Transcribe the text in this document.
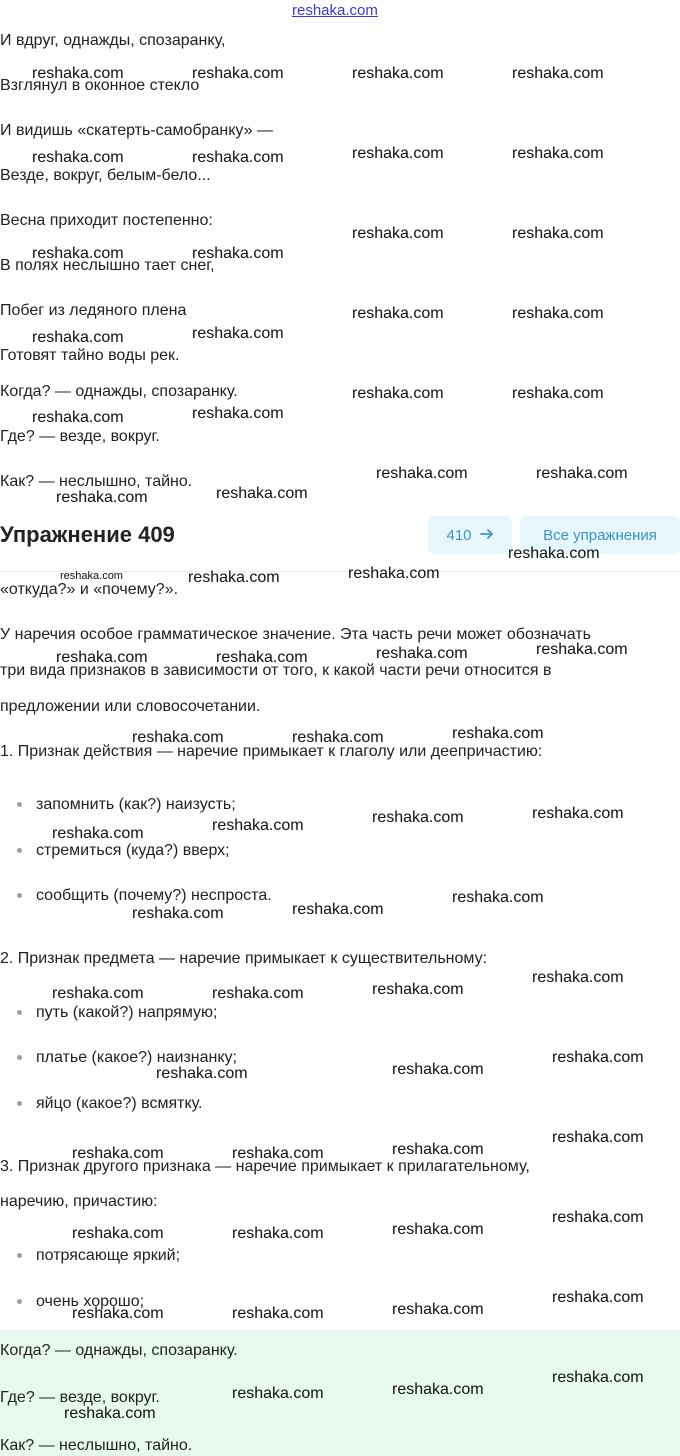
reshaka.com
И вдруг, однажды, спозаранку,
Взглянул в оконное стекло
И видишь «скатерть-самобранку» —
Везде, вокруг, белым-бело...
Весна приходит постепенно:
В полях неслышно тает снег,
Побег из ледяного плена
Готовят тайно воды рек.
Когда? — однажды, спозаранку.
Где? — везде, вокруг.
Как? — неслышно, тайно.
Упражнение 409	410	Все упражнения
«откуда?» и «почему?».
У наречия особое грамматическое значение. Эта часть речи может обозначать
три вида признаков в зависимости от того, к какой части речи относится в
предложении или словосочетании.
1. Признак действия — наречие примыкает к глаголу или деепричастию:
запомнить (как?) наизусть;
стремиться (куда?) вверх;
сообщить (почему?) неспроста.
2. Признак предмета — наречие примыкает к существительному:
путь (какой?) напрямую;
платье (какое?) наизнанку;
яйцо (какое?) всмятку.
3. Признак другого признака — наречие примыкает к прилагательному,
наречию, причастию:
потрясающе яркий;
очень хорошо;
Когда? — однажды, спозаранку.
Где? — везде, вокруг.
Как? — неслышно, тайно.
reshaka.com	reshaka.com	reshaka.com	reshaka.com
reshaka.com	reshaka.com	reshaka.com	reshaka.com
reshaka.com	reshaka.com
reshaka.com	reshaka.com
reshaka.com	reshaka.com
reshaka.com	reshaka.com
reshaka.com	reshaka.com
reshaka.com	reshaka.com
reshaka.com	reshaka.com
reshaka.com	reshaka.com
reshaka.com
reshaka.com	reshaka.com	reshaka.com
reshaka.com	reshaka.com	reshaka.com	reshaka.com
reshaka.com	reshaka.com	reshaka.com
reshaka.com	reshaka.com	reshaka.com	reshaka.com
reshaka.com	reshaka.com
reshaka.com
reshaka.com	reshaka.com	reshaka.com
reshaka.com
reshaka.com	reshaka.com
reshaka.com
reshaka.com	reshaka.com	reshaka.com
reshaka.com
reshaka.com	reshaka.com	reshaka.com
reshaka.com
reshaka.com	reshaka.com	reshaka.com
reshaka.com
reshaka.com	reshaka.com
reshaka.com
reshaka.com
